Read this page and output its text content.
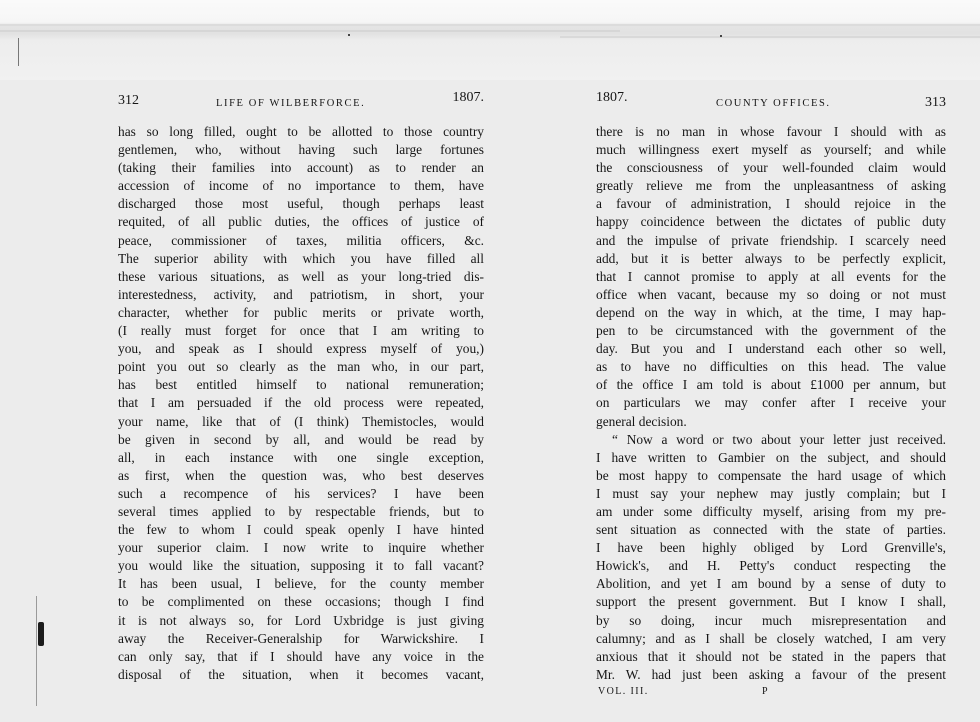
312	LIFE OF WILBERFORCE.	1807.
has so long filled, ought to be allotted to those country
gentlemen, who, without having such large fortunes
(taking their families into account) as to render an
accession of income of no importance to them, have
discharged those most useful, though perhaps least
requited, of all public duties, the offices of justice of
peace, commissioner of taxes, militia officers, &c.
The superior ability with which you have filled all
these various situations, as well as your long-tried dis-
interestedness, activity, and patriotism, in short, your
character, whether for public merits or private worth,
(I really must forget for once that I am writing to
you, and speak as I should express myself of you,)
point you out so clearly as the man who, in our part,
has best entitled himself to national remuneration;
that I am persuaded if the old process were repeated,
your name, like that of (I think) Themistocles, would
be given in second by all, and would be read by
all, in each instance with one single exception,
as first, when the question was, who best deserves
such a recompence of his services? I have been
several times applied to by respectable friends, but to
the few to whom I could speak openly I have hinted
your superior claim. I now write to inquire whether
you would like the situation, supposing it to fall vacant?
It has been usual, I believe, for the county member
to be complimented on these occasions; though I find
it is not always so, for Lord Uxbridge is just giving
away the Receiver-Generalship for Warwickshire. I
can only say, that if I should have any voice in the
disposal of the situation, when it becomes vacant,
1807.	COUNTY OFFICES.	313
there is no man in whose favour I should with as
much willingness exert myself as yourself; and while
the consciousness of your well-founded claim would
greatly relieve me from the unpleasantness of asking
a favour of administration, I should rejoice in the
happy coincidence between the dictates of public duty
and the impulse of private friendship. I scarcely need
add, but it is better always to be perfectly explicit,
that I cannot promise to apply at all events for the
office when vacant, because my so doing or not must
depend on the way in which, at the time, I may hap-
pen to be circumstanced with the government of the
day. But you and I understand each other so well,
as to have no difficulties on this head. The value
of the office I am told is about £1000 per annum, but
on particulars we may confer after I receive your
general decision.
“ Now a word or two about your letter just received.
I have written to Gambier on the subject, and should
be most happy to compensate the hard usage of which
I must say your nephew may justly complain; but I
am under some difficulty myself, arising from my pre-
sent situation as connected with the state of parties.
I have been highly obliged by Lord Grenville's,
Howick's, and H. Petty's conduct respecting the
Abolition, and yet I am bound by a sense of duty to
support the present government. But I know I shall,
by so doing, incur much misrepresentation and
calumny; and as I shall be closely watched, I am very
anxious that it should not be stated in the papers that
Mr. W. had just been asking a favour of the present
VOL. III.	P
